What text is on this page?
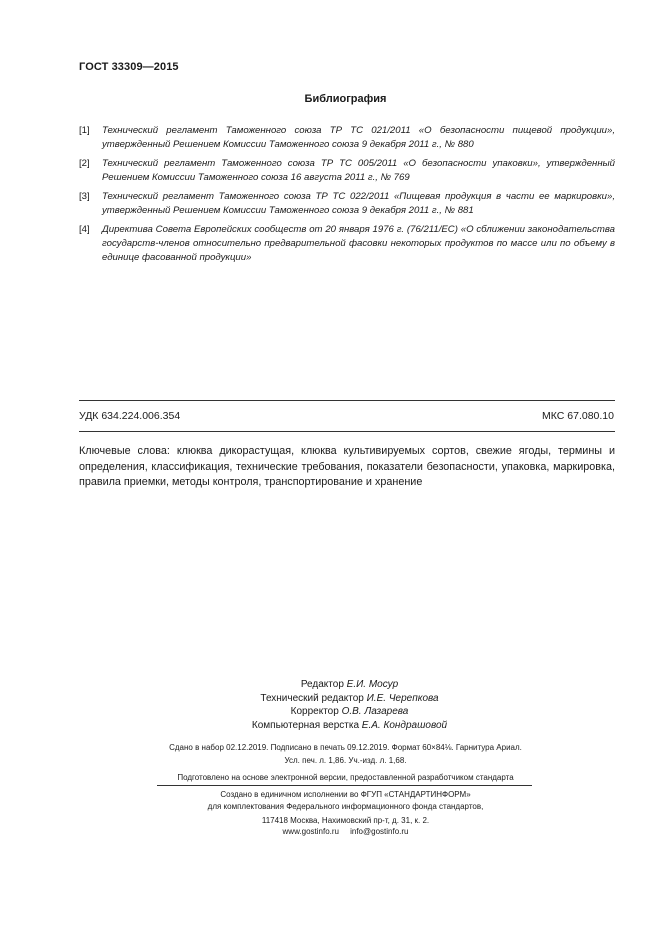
ГОСТ 33309—2015
Библиография
[1] Технический регламент Таможенного союза ТР ТС 021/2011 «О безопасности пищевой продукции», утвержденный Решением Комиссии Таможенного союза 9 декабря 2011 г., № 880
[2] Технический регламент Таможенного союза ТР ТС 005/2011 «О безопасности упаковки», утвержденный Решением Комиссии Таможенного союза 16 августа 2011 г., № 769
[3] Технический регламент Таможенного союза ТР ТС 022/2011 «Пищевая продукция в части ее маркировки», утвержденный Решением Комиссии Таможенного союза 9 декабря 2011 г., № 881
[4] Директива Совета Европейских сообществ от 20 января 1976 г. (76/211/ЕС) «О сближении законодательства государств-членов относительно предварительной фасовки некоторых продуктов по массе или по объему в единице фасованной продукции»
УДК 634.224.006.354	МКС 67.080.10
Ключевые слова: клюква дикорастущая, клюква культивируемых сортов, свежие ягоды, термины и определения, классификация, технические требования, показатели безопасности, упаковка, маркировка, правила приемки, методы контроля, транспортирование и хранение
Редактор Е.И. Мосур
Технический редактор И.Е. Черепкова
Корректор О.В. Лазарева
Компьютерная верстка Е.А. Кондрашовой
Сдано в набор 02.12.2019. Подписано в печать 09.12.2019. Формат 60×84⅛. Гарнитура Ариал.
Усл. печ. л. 1,86. Уч.-изд. л. 1,68.
Подготовлено на основе электронной версии, предоставленной разработчиком стандарта
Создано в единичном исполнении во ФГУП «СТАНДАРТИНФОРМ»
для комплектования Федерального информационного фонда стандартов,
117418 Москва, Нахимовский пр-т, д. 31, к. 2.
www.gostinfo.ru info@gostinfo.ru
